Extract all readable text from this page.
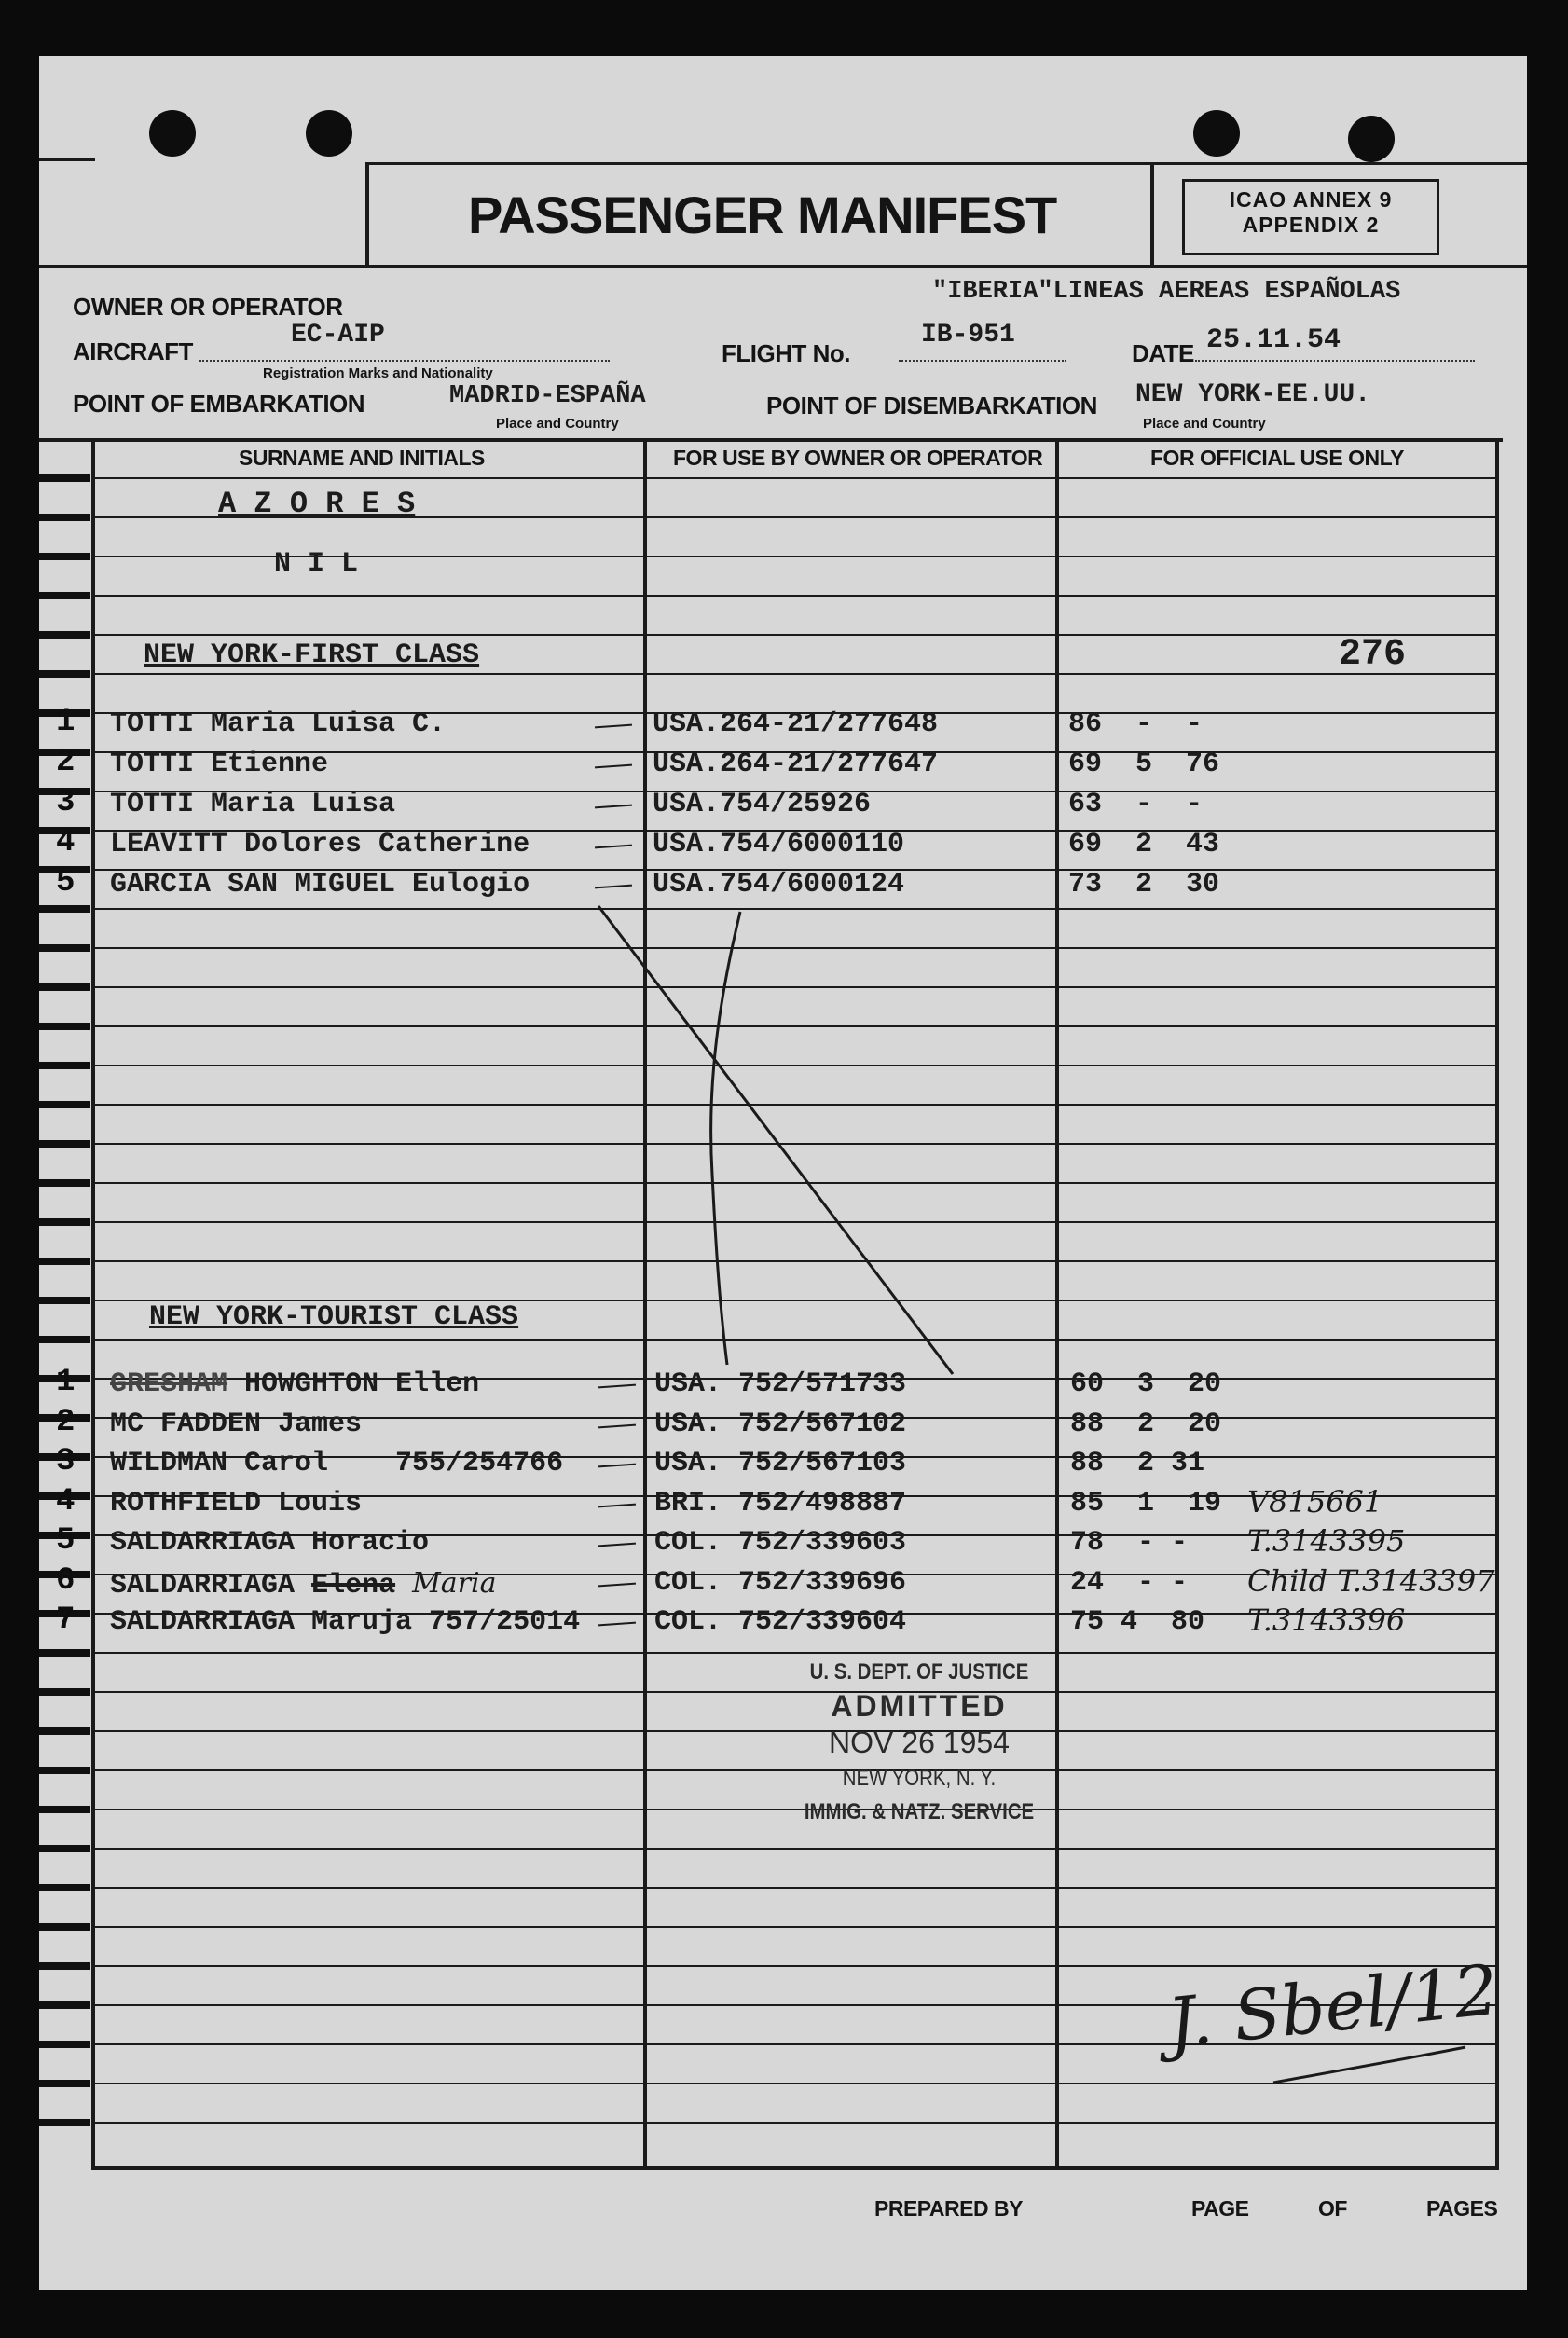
PASSENGER MANIFEST	ICAO ANNEX 9
APPENDIX 2
OWNER OR OPERATOR
"IBERIA"LINEAS AEREAS ESPAÑOLAS
AIRCRAFT
EC-AIP
Registration Marks and Nationality
FLIGHT No.
IB-951
DATE 25.11.54
POINT OF EMBARKATION	MADRID-ESPAÑA
Place and Country
POINT OF DISEMBARKATION NEW YORK-EE.UU.
Place and Country
SURNAME AND INITIALS	FOR USE BY OWNER OR OPERATOR	FOR OFFICIAL USE ONLY
A Z O R E S
N I L
NEW YORK-FIRST CLASS	276
1 TOTTI Maria Luisa C.	USA.264-21/277648	86  -  -
2 TOTTI Etienne	USA.264-21/277647	69  5  76
3 TOTTI Maria Luisa	USA.754/25926	63  -  -
4 LEAVITT Dolores Catherine	USA.754/6000110	69  2  43
5 GARCIA SAN MIGUEL Eulogio	USA.754/6000124	73  2  30
NEW YORK-TOURIST CLASS
1 GRESHAM HOWGHTON Ellen	USA. 752/571733	60  3  20
2 MC FADDEN James	USA. 752/567102	88  2  20
3 WILDMAN Carol    755/254766	USA. 752/567103	88  2 31
4 ROTHFIELD Louis	BRI. 752/498887	85  1  19 V815661
5 SALDARRIAGA Horacio	COL. 752/339603	78  - - T.3143395
6 SALDARRIAGA Elena Maria	COL. 752/339696	24  - - Child T.3143397
7 SALDARRIAGA Maruja 757/25014	COL. 752/339604	75 4  80 T.3143396
U. S. DEPT. OF JUSTICE
ADMITTED
NOV 26 1954
NEW YORK, N. Y.
IMMIG. & NATZ. SERVICE
J. Sbel/12
PREPARED BY	PAGE	OF	PAGES
